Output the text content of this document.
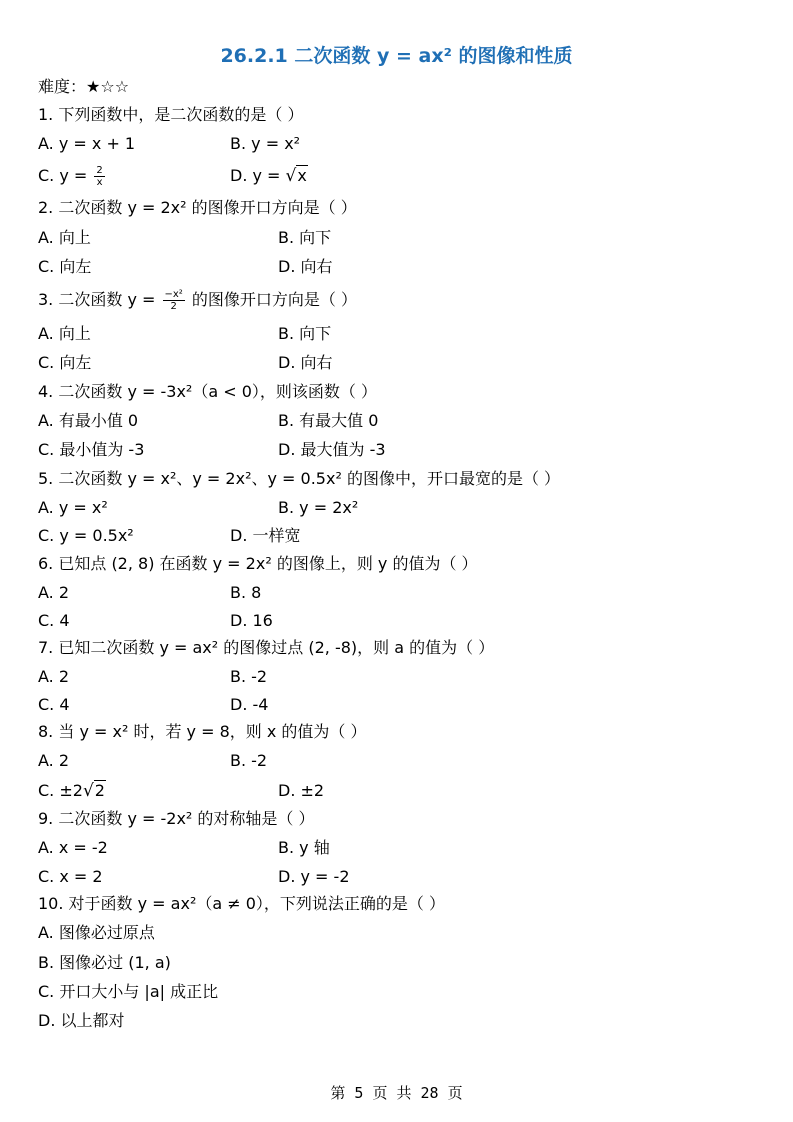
26.2.1 二次函数 y = ax² 的图像和性质
难度：★☆☆
1. 下列函数中，是二次函数的是（ ）
A. y = x + 1	B. y = x²
C. $y = \frac{2}{x}$	D. y = √x
2. 二次函数 y = 2x² 的图像开口方向是（ ）
A. 向上	B. 向下
C. 向左	D. 向右
3. 二次函数 $y = \frac{\text{−x²}}{2}$ 的图像开口方向是（ ）
A. 向上	B. 向下
C. 向左	D. 向右
4. 二次函数 y = -3x²（a < 0），则该函数（ ）
A. 有最小值 0	B. 有最大值 0
C. 最小值为 -3	D. 最大值为 -3
5. 二次函数 y = x²、y = 2x²、y = 0.5x² 的图像中，开口最宽的是（ ）
A. y = x²	B. y = 2x²
C. y = 0.5x²	D. 一样宽
6. 已知点 (2, 8) 在函数 y = 2x² 的图像上，则 y 的值为（ ）
A. 2	B. 8
C. 4	D. 16
7. 已知二次函数 y = ax² 的图像过点 (2, -8)，则 a 的值为（ ）
A. 2	B. -2
C. 4	D. -4
8. 当 y = x² 时，若 y = 8，则 x 的值为（ ）
A. 2	B. -2
C. ±2√2	D. ±2
9. 二次函数 y = -2x² 的对称轴是（ ）
A. x = -2	B. y 轴
C. x = 2	D. y = -2
10. 对于函数 y = ax²（a ≠ 0），下列说法正确的是（ ）
A. 图像必过原点
B. 图像必过 (1, a)
C. 开口大小与 |a| 成正比
D. 以上都对
第 5 页 共 28 页
